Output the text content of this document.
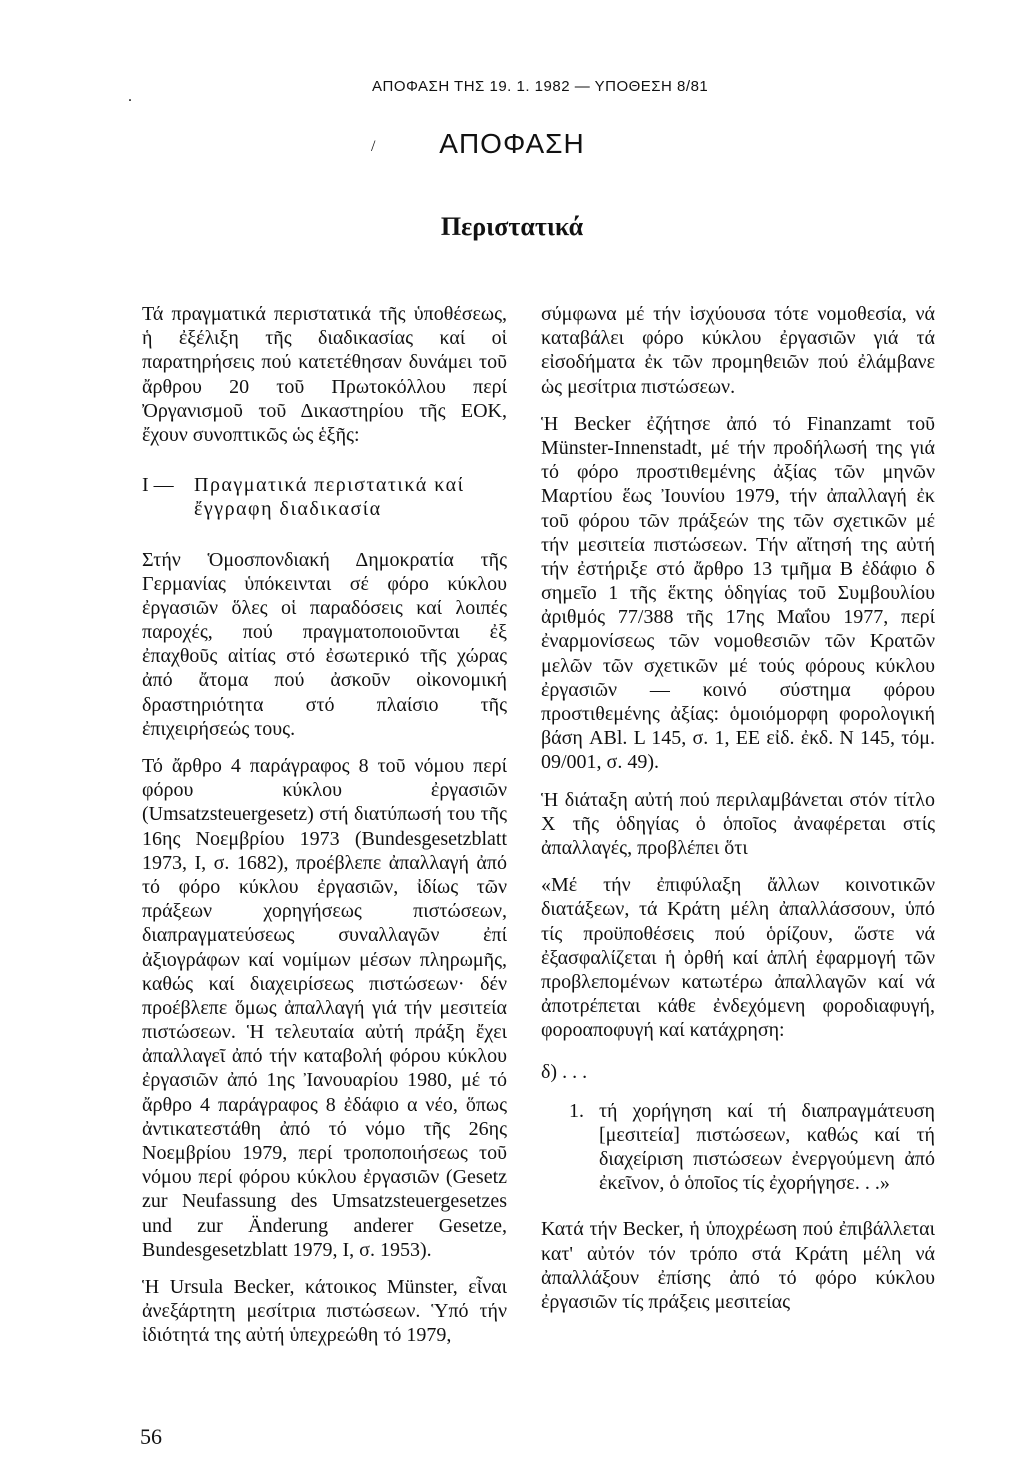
ΑΠΟΦΑΣΗ ΤΗΣ 19. 1. 1982 — ΥΠΟΘΕΣΗ 8/81
.
/	ΑΠΟΦΑΣΗ
Περιστατικά

Τά πραγματικά περιστατικά τῆς ὑποθέσεως, ἡ ἐξέλιξη τῆς διαδικασίας καί οἱ παρατηρήσεις πού κατετέθησαν δυνάμει τοῦ ἄρθρου 20 τοῦ Πρωτοκόλλου περί Ὀργανισμοῦ τοῦ Δικαστηρίου τῆς ΕΟΚ, ἔχουν συνοπτικῶς ὡς ἑξῆς:

I —	Πραγματικά περιστατικά καί ἔγγραφη διαδικασία

Στήν Ὁμοσπονδιακή Δημοκρατία τῆς Γερμανίας ὑπόκεινται σέ φόρο κύκλου ἐργασιῶν ὅλες οἱ παραδόσεις καί λοιπές παροχές, πού πραγματοποιοῦνται ἐξ ἐπαχθοῦς αἰτίας στό ἐσωτερικό τῆς χώρας ἀπό ἄτομα πού ἀσκοῦν οἰκονομική δραστηριότητα στό πλαίσιο τῆς ἐπιχειρήσεώς τους.

Τό ἄρθρο 4 παράγραφος 8 τοῦ νόμου περί φόρου κύκλου ἐργασιῶν (Umsatzsteuergesetz) στή διατύπωσή του τῆς 16ης Νοεμβρίου 1973 (Bundesgesetzblatt 1973, I, σ. 1682), προέβλεπε ἀπαλλαγή ἀπό τό φόρο κύκλου ἐργασιῶν, ἰδίως τῶν πράξεων χορηγήσεως πιστώσεων, διαπραγματεύσεως συναλλαγῶν ἐπί ἀξιογράφων καί νομίμων μέσων πληρωμῆς, καθώς καί διαχειρίσεως πιστώσεων· δέν προέβλεπε ὅμως ἀπαλλαγή γιά τήν μεσιτεία πιστώσεων. Ἡ τελευταία αὐτή πράξη ἔχει ἀπαλλαγεῖ ἀπό τήν καταβολή φόρου κύκλου ἐργασιῶν ἀπό 1ης Ἰανουαρίου 1980, μέ τό ἄρθρο 4 παράγραφος 8 ἐδάφιο α νέο, ὅπως ἀντικατεστάθη ἀπό τό νόμο τῆς 26ης Νοεμβρίου 1979, περί τροποποιήσεως τοῦ νόμου περί φόρου κύκλου ἐργασιῶν (Gesetz zur Neufassung des Umsatzsteuergesetzes und zur Änderung anderer Gesetze, Bundesgesetzblatt 1979, I, σ. 1953).

Ἡ Ursula Becker, κάτοικος Münster, εἶναι ἀνεξάρτητη μεσίτρια πιστώσεων. Ὑπό τήν ἰδιότητά της αὐτή ὑπεχρεώθη τό 1979,

σύμφωνα μέ τήν ἰσχύουσα τότε νομοθεσία, νά καταβάλει φόρο κύκλου ἐργασιῶν γιά τά εἰσοδήματα ἐκ τῶν προμηθειῶν πού ἐλάμβανε ὡς μεσίτρια πιστώσεων.

Ἡ Becker ἐζήτησε ἀπό τό Finanzamt τοῦ Münster-Innenstadt, μέ τήν προδήλωσή της γιά τό φόρο προστιθεμένης ἀξίας τῶν μηνῶν Μαρτίου ἕως Ἰουνίου 1979, τήν ἀπαλλαγή ἐκ τοῦ φόρου τῶν πράξεών της τῶν σχετικῶν μέ τήν μεσιτεία πιστώσεων. Τήν αἴτησή της αὐτή τήν ἐστήριξε στό ἄρθρο 13 τμῆμα Β ἐδάφιο δ σημεῖο 1 τῆς ἕκτης ὁδηγίας τοῦ Συμβουλίου ἀριθμός 77/388 τῆς 17ης Μαΐου 1977, περί ἐναρμονίσεως τῶν νομοθεσιῶν τῶν Κρατῶν μελῶν τῶν σχετικῶν μέ τούς φόρους κύκλου ἐργασιῶν — κοινό σύστημα φόρου προστιθεμένης ἀξίας: ὁμοιόμορφη φορολογική βάση ABl. L 145, σ. 1, ΕΕ εἰδ. ἐκδ. Ν 145, τόμ. 09/001, σ. 49).

Ἡ διάταξη αὐτή πού περιλαμβάνεται στόν τίτλο Χ τῆς ὁδηγίας ὁ ὁποῖος ἀναφέρεται στίς ἀπαλλαγές, προβλέπει ὅτι

«Μέ τήν ἐπιφύλαξη ἄλλων κοινοτικῶν διατάξεων, τά Κράτη μέλη ἀπαλλάσσουν, ὑπό τίς προϋποθέσεις πού ὁρίζουν, ὥστε νά ἐξασφαλίζεται ἡ ὀρθή καί ἁπλή ἐφαρμογή τῶν προβλεπομένων κατωτέρω ἀπαλλαγῶν καί νά ἀποτρέπεται κάθε ἐνδεχόμενη φοροδιαφυγή, φοροαποφυγή καί κατάχρηση:
δ) . . .
1. τή χορήγηση καί τή διαπραγμάτευση [μεσιτεία] πιστώσεων, καθώς καί τή διαχείριση πιστώσεων ἐνεργούμενη ἀπό ἐκεῖνον, ὁ ὁποῖος τίς ἐχορήγησε. . .»

Κατά τήν Becker, ἡ ὑποχρέωση πού ἐπιβάλλεται κατ' αὐτόν τόν τρόπο στά Κράτη μέλη νά ἀπαλλάξουν ἐπίσης ἀπό τό φόρο κύκλου ἐργασιῶν τίς πράξεις μεσιτείας

56
